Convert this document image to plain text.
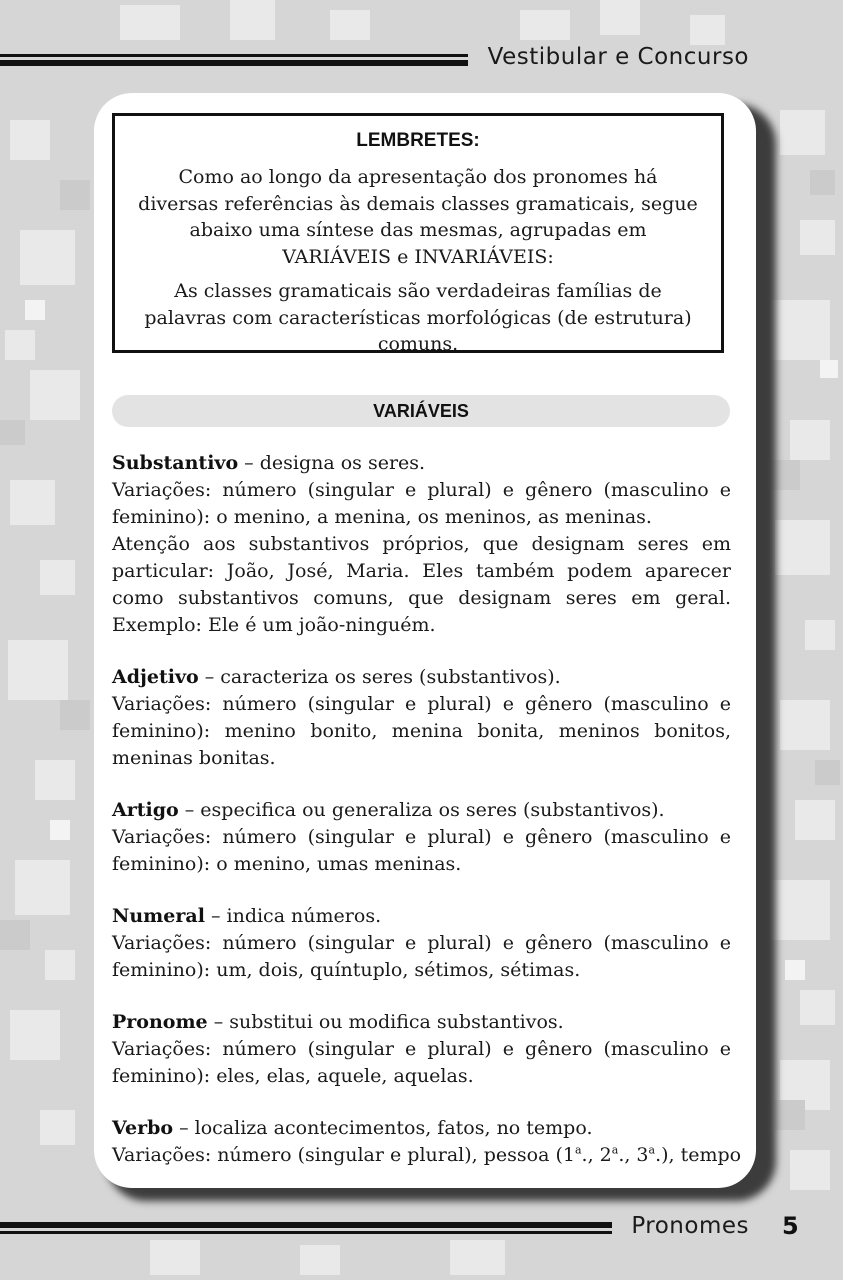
Vestibular e Concurso
LEMBRETES:

Como ao longo da apresentação dos pronomes há diversas referências às demais classes gramaticais, segue abaixo uma síntese das mesmas, agrupadas em VARIÁVEIS e INVARIÁVEIS:

As classes gramaticais são verdadeiras famílias de palavras com características morfológicas (de estrutura) comuns.

VARIÁVEIS

Substantivo – designa os seres.

Variações: número (singular e plural) e gênero (masculino e feminino): o menino, a menina, os meninos, as meninas.

Atenção aos substantivos próprios, que designam seres em particular: João, José, Maria. Eles também podem aparecer como substantivos comuns, que designam seres em geral. Exemplo: Ele é um joão-ninguém.

Adjetivo – caracteriza os seres (substantivos).

Variações: número (singular e plural) e gênero (masculino e feminino): menino bonito, menina bonita, meninos bonitos, meninas bonitas.

Artigo – especifica ou generaliza os seres (substantivos).

Variações: número (singular e plural) e gênero (masculino e feminino): o menino, umas meninas.

Numeral – indica números.

Variações: número (singular e plural) e gênero (masculino e feminino): um, dois, quíntuplo, sétimos, sétimas.

Pronome – substitui ou modifica substantivos.

Variações: número (singular e plural) e gênero (masculino e feminino): eles, elas, aquele, aquelas.

Verbo – localiza acontecimentos, fatos, no tempo.

Variações: número (singular e plural), pessoa (1$^a$., 2$^a$., 3$^a$.), tempo

Pronomes 5
